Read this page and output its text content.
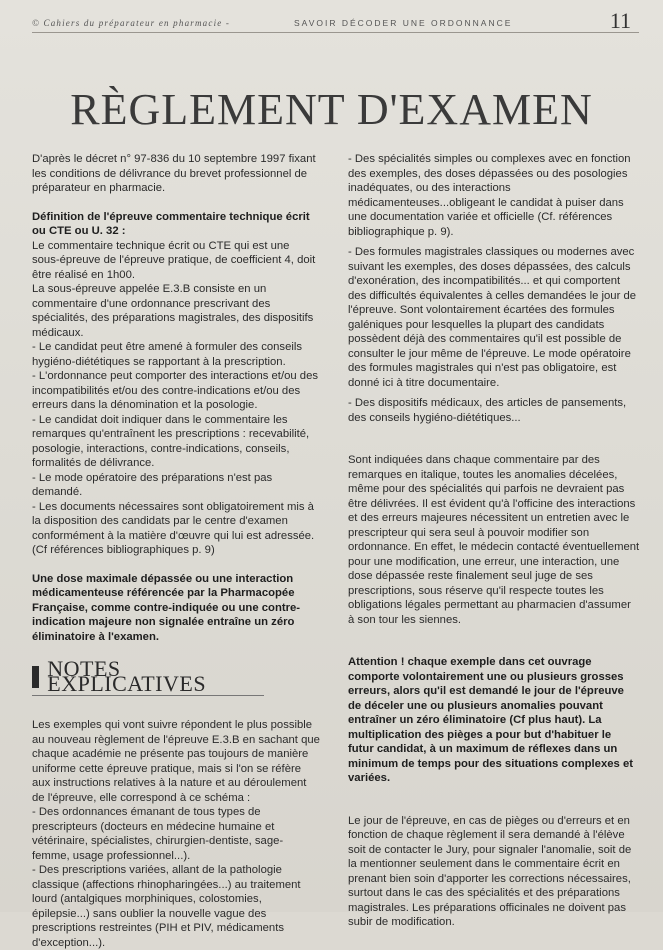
© Cahiers du préparateur en pharmacie -	SAVOIR DÉCODER UNE ORDONNANCE	11
RÈGLEMENT D'EXAMEN

D'après le décret n° 97-836 du 10 septembre 1997 fixant les conditions de délivrance du brevet professionnel de préparateur en pharmacie.

Définition de l'épreuve commentaire technique écrit ou CTE ou U. 32 :

Le commentaire technique écrit ou CTE qui est une sous-épreuve de l'épreuve pratique, de coefficient 4, doit être réalisé en 1h00.

La sous-épreuve appelée E.3.B consiste en un commentaire d'une ordonnance prescrivant des spécialités, des préparations magistrales, des dispositifs médicaux.

- Le candidat peut être amené à formuler des conseils hygiéno-diététiques se rapportant à la prescription.

- L'ordonnance peut comporter des interactions et/ou des incompatibilités et/ou des contre-indications et/ou des erreurs dans la dénomination et la posologie.

- Le candidat doit indiquer dans le commentaire les remarques qu'entraînent les prescriptions : recevabilité, posologie, interactions, contre-indications, conseils, formalités de délivrance.

- Le mode opératoire des préparations n'est pas demandé.

- Les documents nécessaires sont obligatoirement mis à la disposition des candidats par le centre d'examen conformément à la matière d'œuvre qui lui est adressée. (Cf références bibliographiques p. 9)

Une dose maximale dépassée ou une interaction médicamenteuse référencée par la Pharmacopée Française, comme contre-indiquée ou une contre-indication majeure non signalée entraîne un zéro éliminatoire à l'examen.

NOTES EXPLICATIVES

Les exemples qui vont suivre répondent le plus possible au nouveau règlement de l'épreuve E.3.B en sachant que chaque académie ne présente pas toujours de manière uniforme cette épreuve pratique, mais si l'on se réfère aux instructions relatives à la nature et au déroulement de l'épreuve, elle correspond à ce schéma :

- Des ordonnances émanant de tous types de prescripteurs (docteurs en médecine humaine et vétérinaire, spécialistes, chirurgien-dentiste, sage-femme, usage professionnel...).

- Des prescriptions variées, allant de la pathologie classique (affections rhinopharingées...) au traitement lourd (antalgiques morphiniques, colostomies, épilepsie...) sans oublier la nouvelle vague des prescriptions restreintes (PIH et PIV, médicaments d'exception...).

- Des spécialités simples ou complexes avec en fonction des exemples, des doses dépassées ou des posologies inadéquates, ou des interactions médicamenteuses...obligeant le candidat à puiser dans une documentation variée et officielle (Cf. références bibliographique p. 9).

- Des formules magistrales classiques ou modernes avec suivant les exemples, des doses dépassées, des calculs d'exonération, des incompatibilités... et qui comportent des difficultés équivalentes à celles demandées le jour de l'épreuve. Sont volontairement écartées des formules galéniques pour lesquelles la plupart des candidats possèdent déjà des commentaires qu'il est possible de consulter le jour même de l'épreuve. Le mode opératoire des formules magistrales qui n'est pas obligatoire, est donné ici à titre documentaire.

- Des dispositifs médicaux, des articles de pansements, des conseils hygiéno-diététiques...

Sont indiquées dans chaque commentaire par des remarques en italique, toutes les anomalies décelées, même pour des spécialités qui parfois ne devraient pas être délivrées. Il est évident qu'à l'officine des interactions et des erreurs majeures nécessitent un entretien avec le prescripteur qui sera seul à pouvoir modifier son ordonnance. En effet, le médecin contacté éventuellement pour une modification, une erreur, une interaction, une dose dépassée reste finalement seul juge de ses prescriptions, sous réserve qu'il respecte toutes les obligations légales permettant au pharmacien d'assumer à son tour les siennes.

Attention ! chaque exemple dans cet ouvrage comporte volontairement une ou plusieurs grosses erreurs, alors qu'il est demandé le jour de l'épreuve de déceler une ou plusieurs anomalies pouvant entraîner un zéro éliminatoire (Cf plus haut). La multiplication des pièges a pour but d'habituer le futur candidat, à un maximum de réflexes dans un minimum de temps pour des situations complexes et variées.

Le jour de l'épreuve, en cas de pièges ou d'erreurs et en fonction de chaque règlement il sera demandé à l'élève soit de contacter le Jury, pour signaler l'anomalie, soit de la mentionner seulement dans le commentaire écrit en prenant bien soin d'apporter les corrections nécessaires, surtout dans le cas des spécialités et des préparations magistrales. Les préparations officinales ne doivent pas subir de modification.
